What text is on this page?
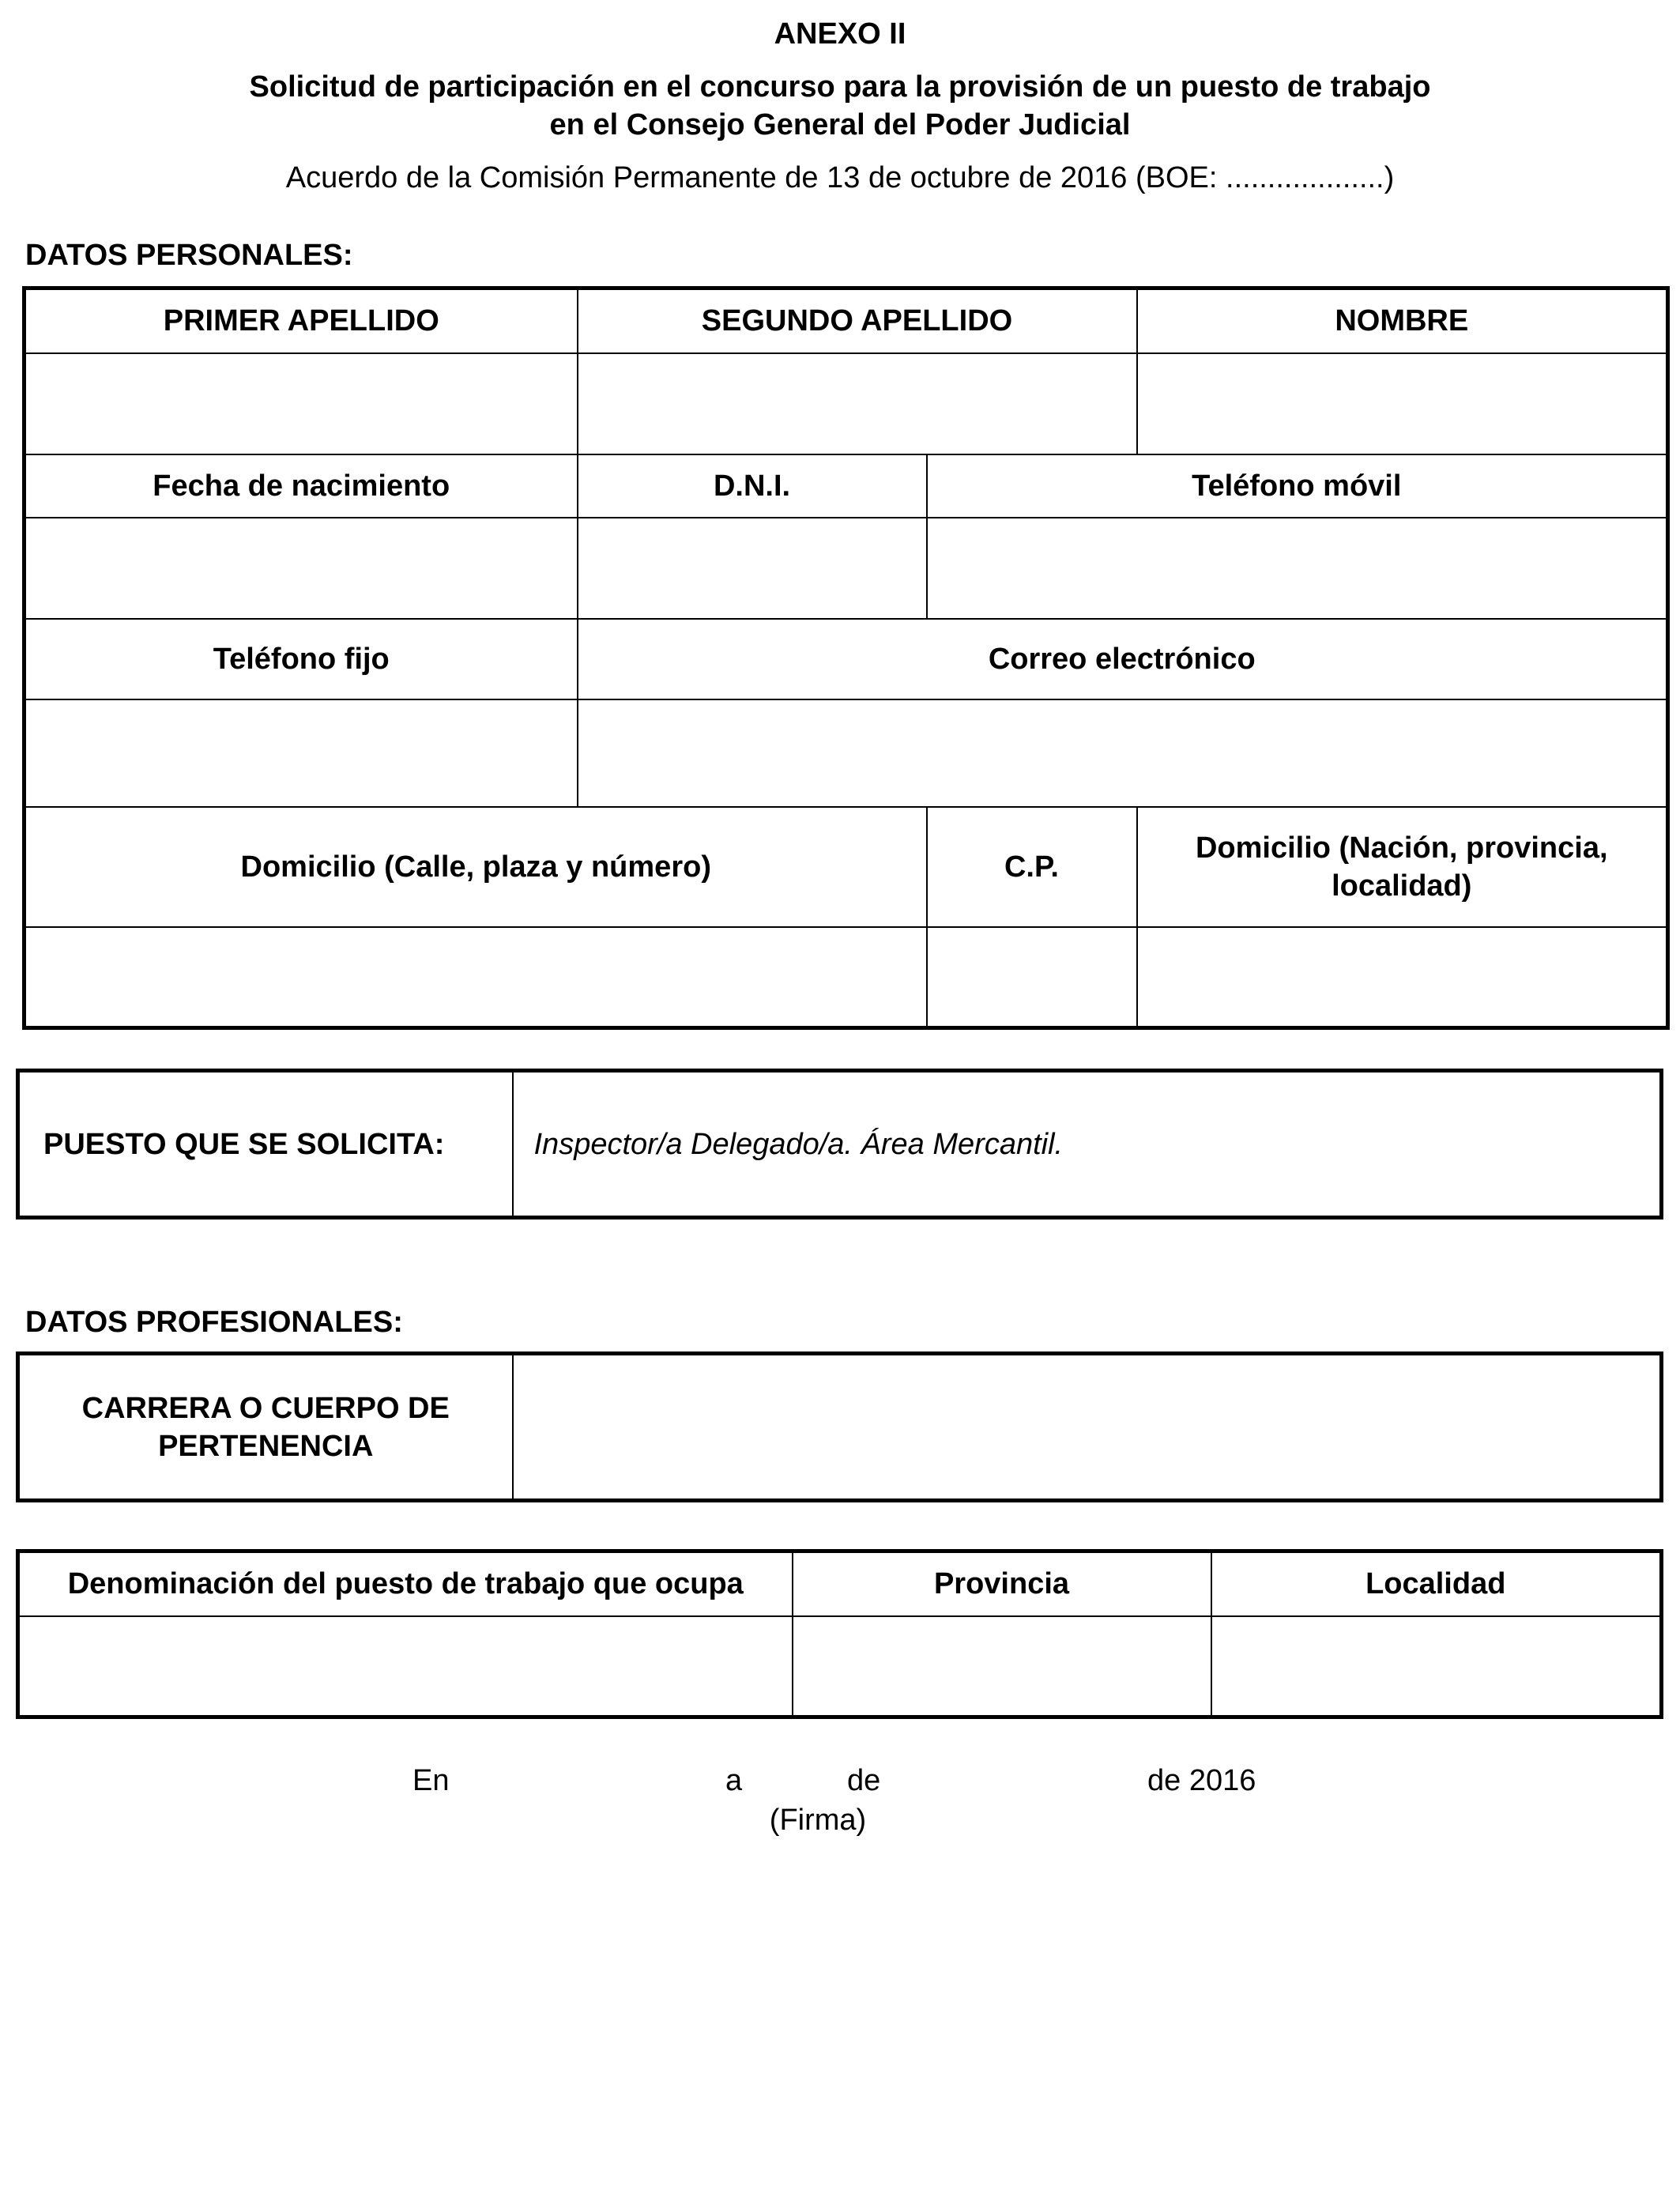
ANEXO II
Solicitud de participación en el concurso para la provisión de un puesto de trabajo
en el Consejo General del Poder Judicial
Acuerdo de la Comisión Permanente de 13 de octubre de 2016 (BOE: ...................)
DATOS PERSONALES:
PRIMER APELLIDO	SEGUNDO APELLIDO		NOMBRE

Fecha de nacimiento	D.N.I.	Teléfono móvil	

Teléfono fijo	Correo electrónico		

Domicilio (Calle, plaza y número)		C.P.	Domicilio (Nación, provincia,
localidad)

PUESTO QUE SE SOLICITA:	Inspector/a Delegado/a. Área Mercantil.
DATOS PROFESIONALES:
CARRERA O CUERPO DE
PERTENENCIA

Denominación del puesto de trabajo que ocupa	Provincia	Localidad

En	a	de	de 2016
(Firma)
